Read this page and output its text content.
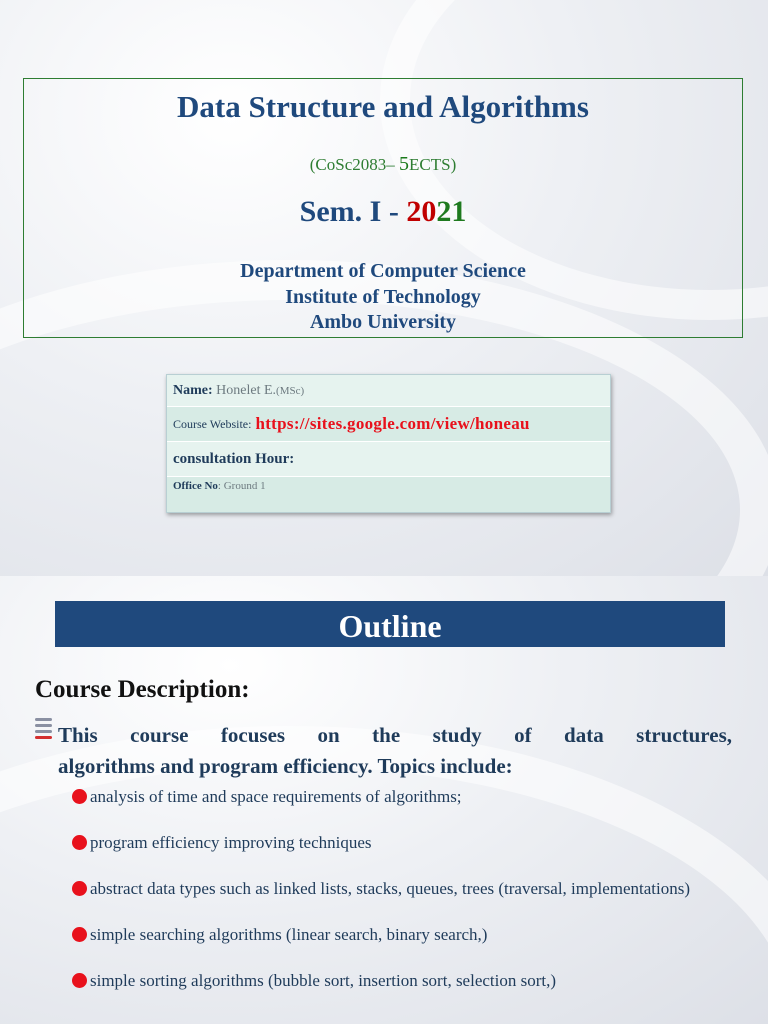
Data Structure and Algorithms
(CoSc2083– 5ECTS)
Sem. I - 2021
Department of Computer Science
Institute of Technology
Ambo University
Name:
Honelet E. (MSc)
Course Website: https://sites.google.com/view/honeau
consultation Hour:
Office No : Ground 1
Outline
Course Description:
This course focuses on the study of data structures,
algorithms and program efficiency. Topics include:
analysis of time and space requirements of algorithms;
program efficiency improving techniques
abstract data types such as linked lists, stacks, queues, trees (traversal, implementations)
simple searching algorithms (linear search, binary search,)
simple sorting algorithms (bubble sort, insertion sort, selection sort,)
